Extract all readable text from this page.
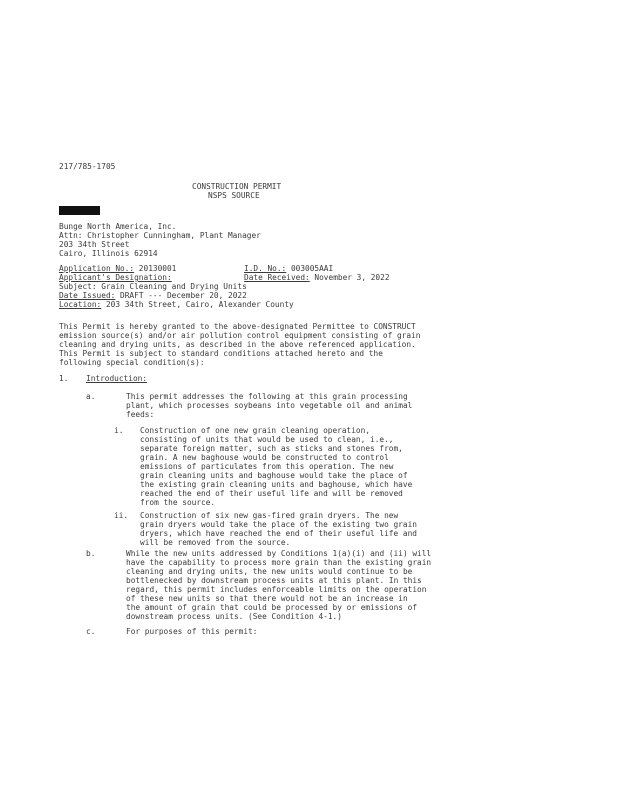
217/785-1705
CONSTRUCTION PERMIT
NSPS SOURCE
Bunge North America, Inc.
Attn: Christopher Cunningham, Plant Manager
203 34th Street
Cairo, Illinois 62914
Application No.: 20130001	I.D. No.: 003005AAI
Applicant's Designation:	Date Received: November 3, 2022
Subject: Grain Cleaning and Drying Units
Date Issued: DRAFT --- December 20, 2022
Location: 203 34th Street, Cairo, Alexander County
This Permit is hereby granted to the above-designated Permittee to CONSTRUCT
emission source(s) and/or air pollution control equipment consisting of grain
cleaning and drying units, as described in the above referenced application.
This Permit is subject to standard conditions attached hereto and the
following special condition(s):
1. Introduction:
a.	This permit addresses the following at this grain processing
plant, which processes soybeans into vegetable oil and animal
feeds:
i. Construction of one new grain cleaning operation,
consisting of units that would be used to clean, i.e.,
separate foreign matter, such as sticks and stones from,
grain. A new baghouse would be constructed to control
emissions of particulates from this operation. The new
grain cleaning units and baghouse would take the place of
the existing grain cleaning units and baghouse, which have
reached the end of their useful life and will be removed
from the source.
ii. Construction of six new gas-fired grain dryers. The new
grain dryers would take the place of the existing two grain
dryers, which have reached the end of their useful life and
will be removed from the source.
b.	While the new units addressed by Conditions 1(a)(i) and (ii) will
have the capability to process more grain than the existing grain
cleaning and drying units, the new units would continue to be
bottlenecked by downstream process units at this plant. In this
regard, this permit includes enforceable limits on the operation
of these new units so that there would not be an increase in
the amount of grain that could be processed by or emissions of
downstream process units. (See Condition 4-1.)
c.	For purposes of this permit:
